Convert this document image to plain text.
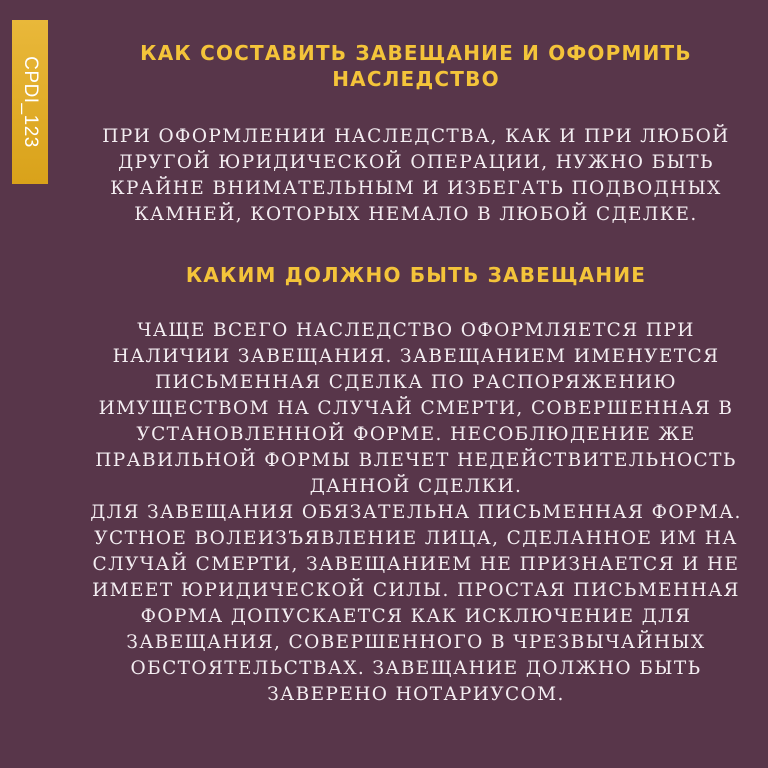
CPDI_123
КАК СОСТАВИТЬ ЗАВЕЩАНИЕ И ОФОРМИТЬ НАСЛЕДСТВО

ПРИ ОФОРМЛЕНИИ НАСЛЕДСТВА, КАК И ПРИ ЛЮБОЙ ДРУГОЙ ЮРИДИЧЕСКОЙ ОПЕРАЦИИ, НУЖНО БЫТЬ КРАЙНЕ ВНИМАТЕЛЬНЫМ И ИЗБЕГАТЬ ПОДВОДНЫХ КАМНЕЙ, КОТОРЫХ НЕМАЛО В ЛЮБОЙ СДЕЛКЕ.

КАКИМ ДОЛЖНО БЫТЬ ЗАВЕЩАНИЕ

ЧАЩЕ ВСЕГО НАСЛЕДСТВО ОФОРМЛЯЕТСЯ ПРИ НАЛИЧИИ ЗАВЕЩАНИЯ. ЗАВЕЩАНИЕМ ИМЕНУЕТСЯ ПИСЬМЕННАЯ СДЕЛКА ПО РАСПОРЯЖЕНИЮ ИМУЩЕСТВОМ НА СЛУЧАЙ СМЕРТИ, СОВЕРШЕННАЯ В УСТАНОВЛЕННОЙ ФОРМЕ. НЕСОБЛЮДЕНИЕ ЖЕ ПРАВИЛЬНОЙ ФОРМЫ ВЛЕЧЕТ НЕДЕЙСТВИТЕЛЬНОСТЬ ДАННОЙ СДЕЛКИ.

ДЛЯ ЗАВЕЩАНИЯ ОБЯЗАТЕЛЬНА ПИСЬМЕННАЯ ФОРМА. УСТНОЕ ВОЛЕИЗЪЯВЛЕНИЕ ЛИЦА, СДЕЛАННОЕ ИМ НА СЛУЧАЙ СМЕРТИ, ЗАВЕЩАНИЕМ НЕ ПРИЗНАЕТСЯ И НЕ ИМЕЕТ ЮРИДИЧЕСКОЙ СИЛЫ. ПРОСТАЯ ПИСЬМЕННАЯ ФОРМА ДОПУСКАЕТСЯ КАК ИСКЛЮЧЕНИЕ ДЛЯ ЗАВЕЩАНИЯ, СОВЕРШЕННОГО В ЧРЕЗВЫЧАЙНЫХ ОБСТОЯТЕЛЬСТВАХ. ЗАВЕЩАНИЕ ДОЛЖНО БЫТЬ ЗАВЕРЕНО НОТАРИУСОМ.
